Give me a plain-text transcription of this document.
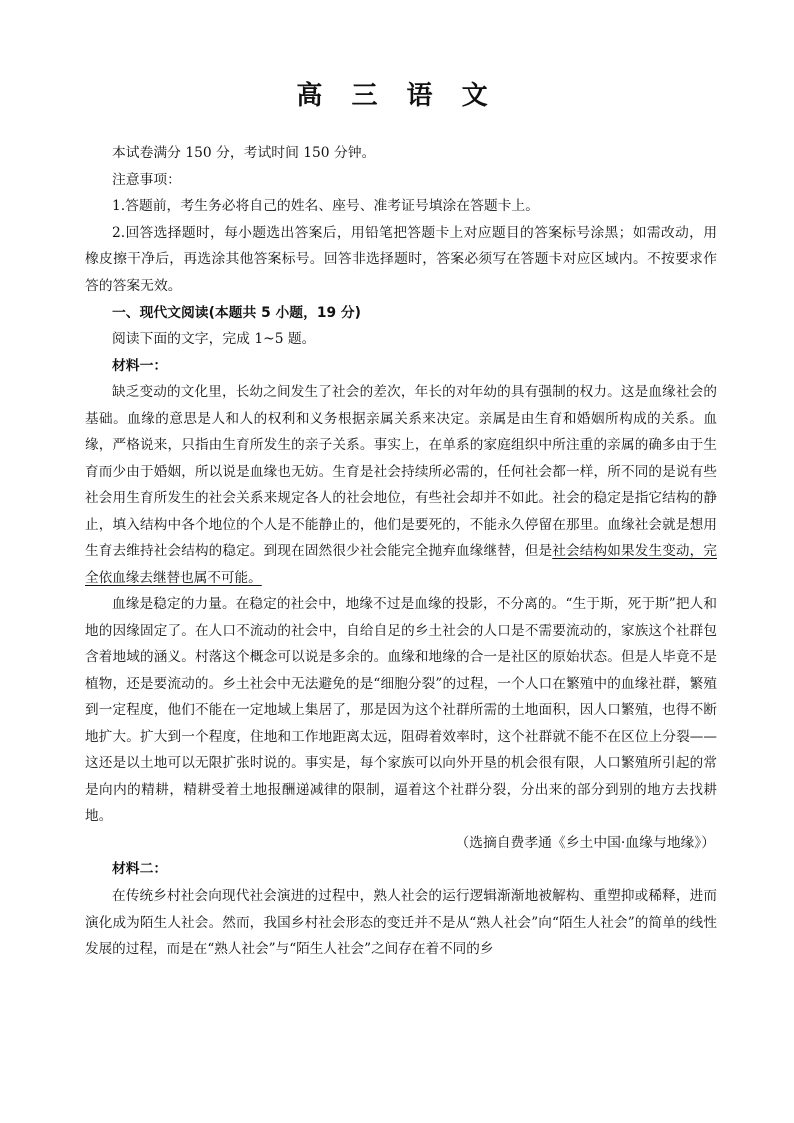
高 三 语 文

本试卷满分 150 分，考试时间 150 分钟。

注意事项：

1.答题前，考生务必将自己的姓名、座号、准考证号填涂在答题卡上。

2.回答选择题时，每小题选出答案后，用铅笔把答题卡上对应题目的答案标号涂黑；如需改动，用橡皮擦干净后，再选涂其他答案标号。回答非选择题时，答案必须写在答题卡对应区域内。不按要求作答的答案无效。

一、现代文阅读(本题共 5 小题，19 分)

阅读下面的文字，完成 1~5 题。

材料一：

缺乏变动的文化里，长幼之间发生了社会的差次，年长的对年幼的具有强制的权力。这是血缘社会的基础。血缘的意思是人和人的权利和义务根据亲属关系来决定。亲属是由生育和婚姻所构成的关系。血缘，严格说来，只指由生育所发生的亲子关系。事实上，在单系的家庭组织中所注重的亲属的确多由于生育而少由于婚姻，所以说是血缘也无妨。生育是社会持续所必需的，任何社会都一样，所不同的是说有些社会用生育所发生的社会关系来规定各人的社会地位，有些社会却并不如此。社会的稳定是指它结构的静止，填入结构中各个地位的个人是不能静止的，他们是要死的，不能永久停留在那里。血缘社会就是想用生育去维持社会结构的稳定。到现在固然很少社会能完全抛弃血缘继替，但是社会结构如果发生变动，完全依血缘去继替也属不可能。

血缘是稳定的力量。在稳定的社会中，地缘不过是血缘的投影，不分离的。“生于斯，死于斯”把人和地的因缘固定了。在人口不流动的社会中，自给自足的乡土社会的人口是不需要流动的，家族这个社群包含着地域的涵义。村落这个概念可以说是多余的。血缘和地缘的合一是社区的原始状态。但是人毕竟不是植物，还是要流动的。乡土社会中无法避免的是“细胞分裂”的过程，一个人口在繁殖中的血缘社群，繁殖到一定程度，他们不能在一定地域上集居了，那是因为这个社群所需的土地面积，因人口繁殖，也得不断地扩大。扩大到一个程度，住地和工作地距离太远，阻碍着效率时，这个社群就不能不在区位上分裂——这还是以土地可以无限扩张时说的。事实是，每个家族可以向外开垦的机会很有限，人口繁殖所引起的常是向内的精耕，精耕受着土地报酬递减律的限制，逼着这个社群分裂，分出来的部分到别的地方去找耕地。

（选摘自费孝通《乡土中国·血缘与地缘》）

材料二：

在传统乡村社会向现代社会演进的过程中，熟人社会的运行逻辑渐渐地被解构、重塑抑或稀释，进而演化成为陌生人社会。然而，我国乡村社会形态的变迁并不是从“熟人社会”向“陌生人社会”的简单的线性发展的过程，而是在“熟人社会”与“陌生人社会”之间存在着不同的乡
